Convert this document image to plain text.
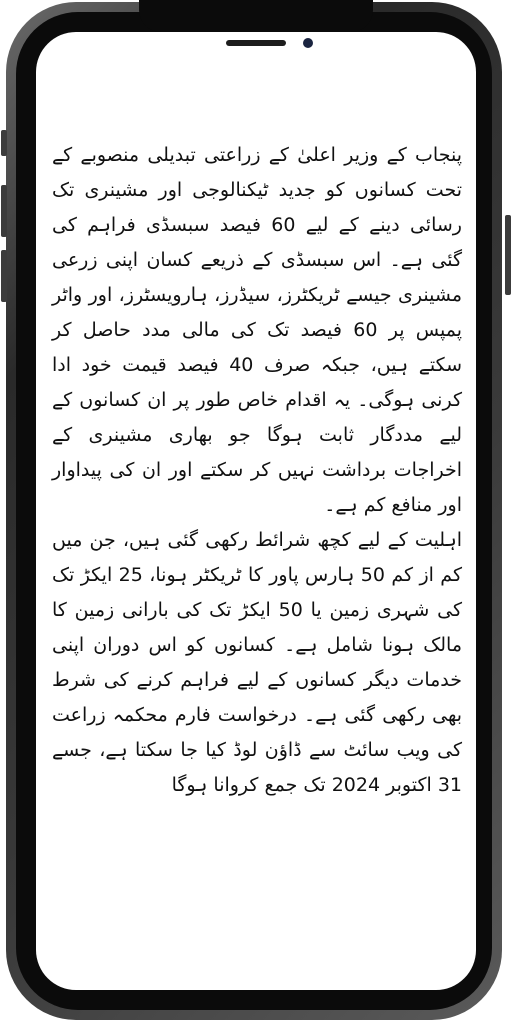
پنجاب کے وزیر اعلیٰ کے زراعتی تبدیلی منصوبے کے تحت کسانوں کو جدید ٹیکنالوجی اور مشینری تک رسائی دینے کے لیے 60 فیصد سبسڈی فراہم کی گئی ہے۔ اس سبسڈی کے ذریعے کسان اپنی زرعی مشینری جیسے ٹریکٹرز، سیڈرز، ہارویسٹرز، اور واٹر پمپس پر 60 فیصد تک کی مالی مدد حاصل کر سکتے ہیں، جبکہ صرف 40 فیصد قیمت خود ادا کرنی ہوگی۔ یہ اقدام خاص طور پر ان کسانوں کے لیے مددگار ثابت ہوگا جو بھاری مشینری کے اخراجات برداشت نہیں کر سکتے اور ان کی پیداوار اور منافع کم ہے۔

اہلیت کے لیے کچھ شرائط رکھی گئی ہیں، جن میں کم از کم 50 ہارس پاور کا ٹریکٹر ہونا، 25 ایکڑ تک کی شہری زمین یا 50 ایکڑ تک کی بارانی زمین کا مالک ہونا شامل ہے۔ کسانوں کو اس دوران اپنی خدمات دیگر کسانوں کے لیے فراہم کرنے کی شرط بھی رکھی گئی ہے۔ درخواست فارم محکمہ زراعت کی ویب سائٹ سے ڈاؤن لوڈ کیا جا سکتا ہے، جسے 31 اکتوبر 2024 تک جمع کروانا ہوگا
